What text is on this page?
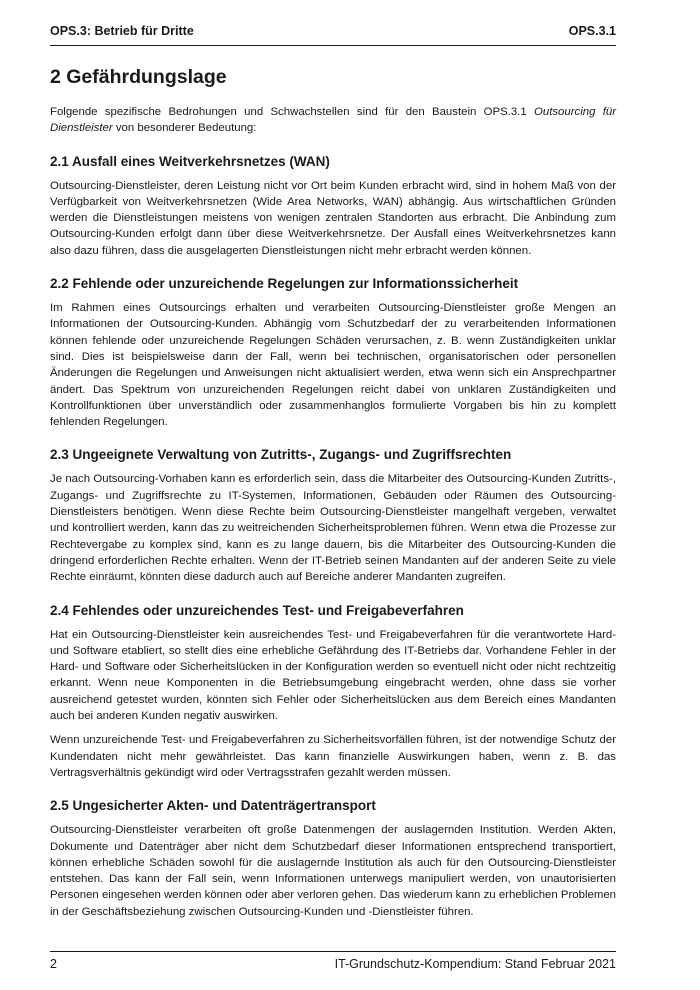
OPS.3: Betrieb für Dritte	OPS.3.1
2 Gefährdungslage

Folgende spezifische Bedrohungen und Schwachstellen sind für den Baustein OPS.3.1 Outsourcing für Dienstleister von besonderer Bedeutung:

2.1 Ausfall eines Weitverkehrsnetzes (WAN)

Outsourcing-Dienstleister, deren Leistung nicht vor Ort beim Kunden erbracht wird, sind in hohem Maß von der Verfügbarkeit von Weitverkehrsnetzen (Wide Area Networks, WAN) abhängig. Aus wirtschaftlichen Gründen werden die Dienstleistungen meistens von wenigen zentralen Standorten aus erbracht. Die Anbindung zum Outsourcing-Kunden erfolgt dann über diese Weitverkehrsnetze. Der Ausfall eines Weitverkehrsnetzes kann also dazu führen, dass die ausgelagerten Dienstleistungen nicht mehr erbracht werden können.

2.2 Fehlende oder unzureichende Regelungen zur Informationssicherheit

Im Rahmen eines Outsourcings erhalten und verarbeiten Outsourcing-Dienstleister große Mengen an Informationen der Outsourcing-Kunden. Abhängig vom Schutzbedarf der zu verarbeitenden Informationen können fehlende oder unzureichende Regelungen Schäden verursachen, z. B. wenn Zuständigkeiten unklar sind. Dies ist beispielsweise dann der Fall, wenn bei technischen, organisatorischen oder personellen Änderungen die Regelungen und Anweisungen nicht aktualisiert werden, etwa wenn sich ein Ansprechpartner ändert. Das Spektrum von unzureichenden Regelungen reicht dabei von unklaren Zuständigkeiten und Kontrollfunktionen über unverständlich oder zusammenhanglos formulierte Vorgaben bis hin zu komplett fehlenden Regelungen.

2.3 Ungeeignete Verwaltung von Zutritts-, Zugangs- und Zugriffsrechten

Je nach Outsourcing-Vorhaben kann es erforderlich sein, dass die Mitarbeiter des Outsourcing-Kunden Zutritts-, Zugangs- und Zugriffsrechte zu IT-Systemen, Informationen, Gebäuden oder Räumen des Outsourcing-Dienstleisters benötigen. Wenn diese Rechte beim Outsourcing-Dienstleister mangelhaft vergeben, verwaltet und kontrolliert werden, kann das zu weitreichenden Sicherheitsproblemen führen. Wenn etwa die Prozesse zur Rechtevergabe zu komplex sind, kann es zu lange dauern, bis die Mitarbeiter des Outsourcing-Kunden die dringend erforderlichen Rechte erhalten. Wenn der IT-Betrieb seinen Mandanten auf der anderen Seite zu viele Rechte einräumt, könnten diese dadurch auch auf Bereiche anderer Mandanten zugreifen.

2.4 Fehlendes oder unzureichendes Test- und Freigabeverfahren

Hat ein Outsourcing-Dienstleister kein ausreichendes Test- und Freigabeverfahren für die verantwortete Hard- und Software etabliert, so stellt dies eine erhebliche Gefährdung des IT-Betriebs dar. Vorhandene Fehler in der Hard- und Software oder Sicherheitslücken in der Konfiguration werden so eventuell nicht oder nicht rechtzeitig erkannt. Wenn neue Komponenten in die Betriebsumgebung eingebracht werden, ohne dass sie vorher ausreichend getestet wurden, könnten sich Fehler oder Sicherheitslücken aus dem Bereich eines Mandanten auch bei anderen Kunden negativ auswirken.

Wenn unzureichende Test- und Freigabeverfahren zu Sicherheitsvorfällen führen, ist der notwendige Schutz der Kundendaten nicht mehr gewährleistet. Das kann finanzielle Auswirkungen haben, wenn z. B. das Vertragsverhältnis gekündigt wird oder Vertragsstrafen gezahlt werden müssen.

2.5 Ungesicherter Akten- und Datenträgertransport

Outsourcing-Dienstleister verarbeiten oft große Datenmengen der auslagernden Institution. Werden Akten, Dokumente und Datenträger aber nicht dem Schutzbedarf dieser Informationen entsprechend transportiert, können erhebliche Schäden sowohl für die auslagernde Institution als auch für den Outsourcing-Dienstleister entstehen. Das kann der Fall sein, wenn Informationen unterwegs manipuliert werden, von unautorisierten Personen eingesehen werden können oder aber verloren gehen. Das wiederum kann zu erheblichen Problemen in der Geschäftsbeziehung zwischen Outsourcing-Kunden und -Dienstleister führen.

2	IT-Grundschutz-Kompendium: Stand Februar 2021
